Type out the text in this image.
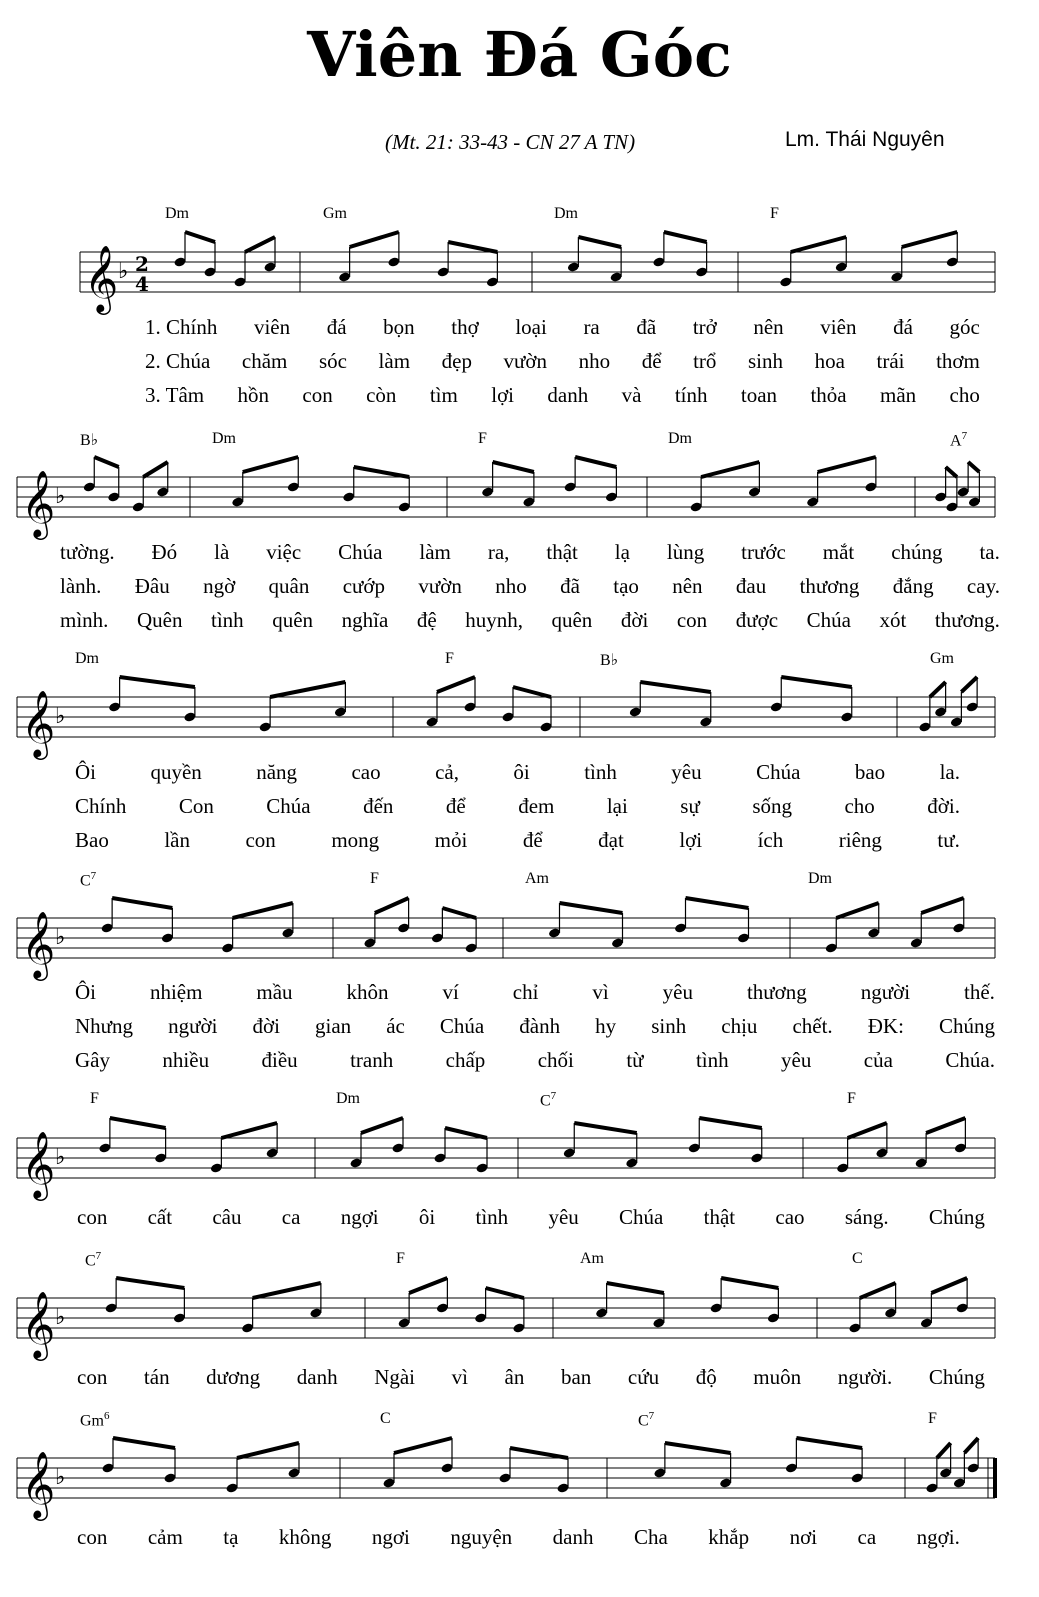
Viên Đá Góc
(Mt. 21: 33-43 - CN 27 A TN)	Lm. Thái Nguyên
𝄞 ♭ 2
4
Dm	Gm	Dm	F
1. Chính viên đá bọn thợ loại ra đã trở nên viên đá góc
2. Chúa chăm sóc làm đẹp vườn nho để trổ sinh hoa trái thơm
3. Tâm hồn con còn tìm lợi danh và tính toan thỏa mãn cho
𝄞 ♭
B♭	Dm	F	Dm	$A^7$
tường. Đó là việc Chúa làm ra, thật lạ lùng trước mắt chúng ta.
lành. Đâu ngờ quân cướp vườn nho đã tạo nên đau thương đắng cay.
mình. Quên tình quên nghĩa đệ huynh, quên đời con được Chúa xót thương.
𝄞 ♭
Dm	F	B♭	Gm
Ôi	quyền	năng	cao	cả,	ôi	tình	yêu	Chúa	bao	la.
Chính Con Chúa đến để đem lại sự sống cho đời.
Bao	lần	con	mong	mỏi	để	đạt	lợi	ích	riêng	tư.
𝄞 ♭
$C^7$	F	Am	Dm
Ôi	nhiệm	mầu	khôn	ví	chỉ	vì	yêu	thương	người	thế.
Nhưng người đời gian ác Chúa đành hy sinh chịu chết. ĐK: Chúng
Gây nhiều điều tranh chấp chối từ tình yêu của Chúa.
𝄞 ♭
F	Dm	$C^7$	F
con cất câu ca ngợi ôi tình yêu Chúa thật cao sáng. Chúng
𝄞 ♭
$C^7$	F	Am	C
con tán dương danh Ngài vì ân ban cứu độ muôn người. Chúng
𝄞 ♭
Gm$^6$	C	$C^7$	F
con cảm tạ không ngơi nguyện danh Cha khắp nơi ca ngợi.
